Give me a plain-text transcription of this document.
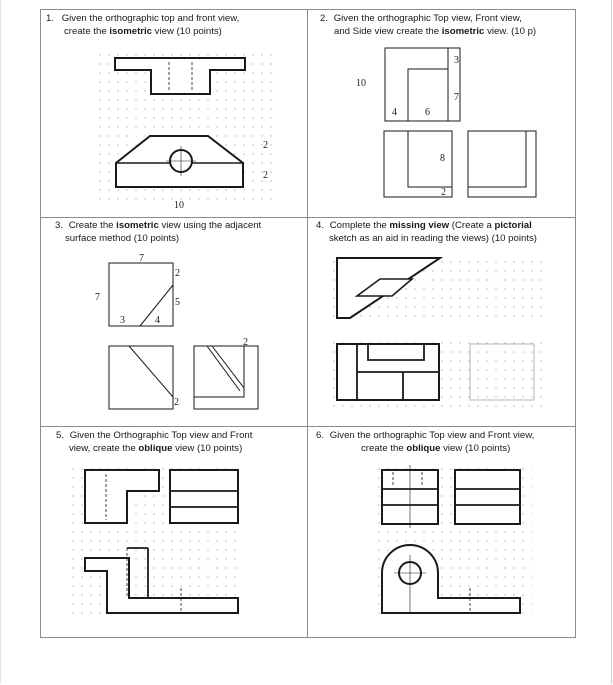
1. Given the orthographic top and front view,
create the isometric view (10 points)
2. Given the orthographic Top view, Front view,
and Side view create the isometric view. (10 p)
3. Create the isometric view using the adjacent
surface method (10 points)
4. Complete the missing view (Create a pictorial
sketch as an aid in reading the views) (10 points)
5. Given the Orthographic Top view and Front
view, create the oblique view (10 points)
6. Given the orthographic Top view and Front view,
create the oblique view (10 points)
2
2
10
3
10
7
4	6
8
2
7
7
2
5
3	4
2
2
